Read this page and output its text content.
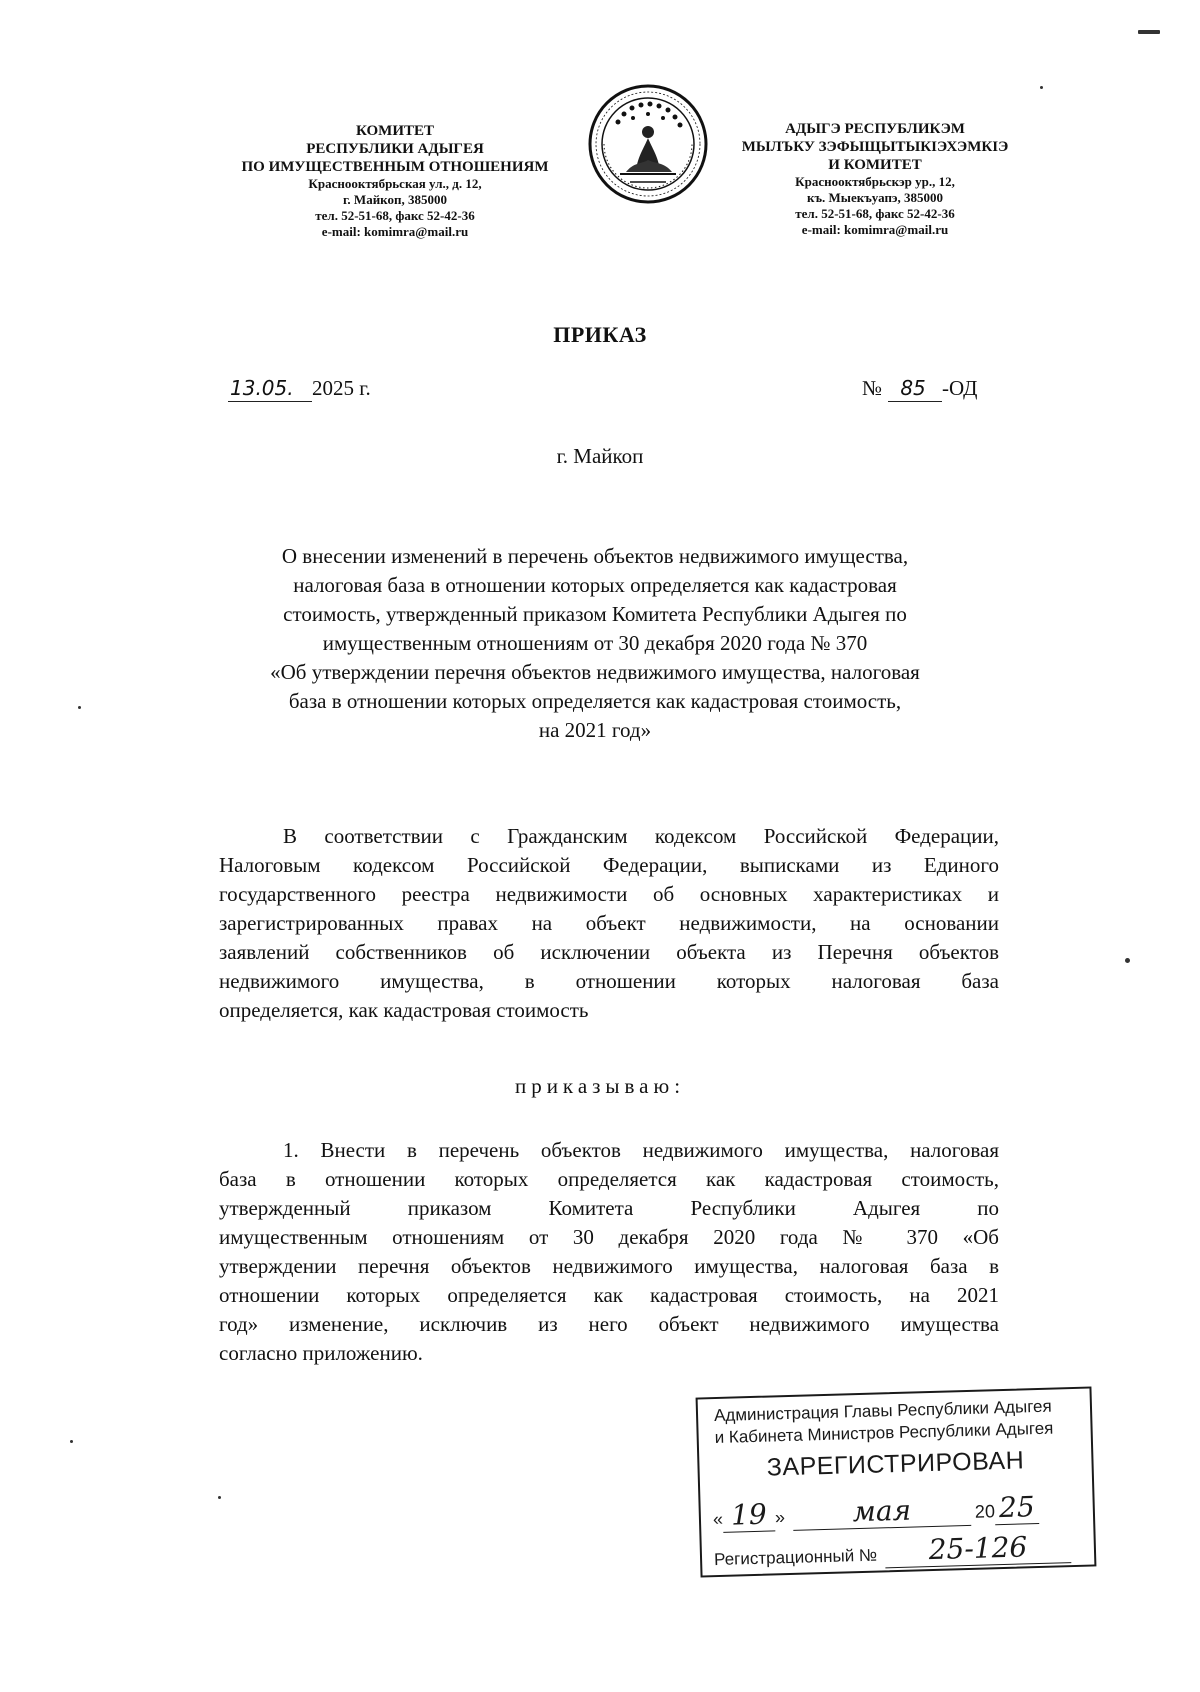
КОМИТЕТ
РЕСПУБЛИКИ АДЫГЕЯ
ПО ИМУЩЕСТВЕННЫМ ОТНОШЕНИЯМ
Краснооктябрьская ул., д. 12,
г. Майкоп, 385000
тел. 52-51-68, факс 52-42-36
e-mail: komimra@mail.ru
АДЫГЭ РЕСПУБЛИКЭМ
МЫЛЪКУ ЗЭФЫЩЫТЫКIЭХЭМКIЭ
И КОМИТЕТ
Краснооктябрьскэр ур., 12,
къ. Мыекъуапэ, 385000
тел. 52-51-68, факс 52-42-36
e-mail: komimra@mail.ru
ПРИКАЗ
13.05. 2025 г.	№ 85 -ОД
г. Майкоп
О внесении изменений в перечень объектов недвижимого имущества,
налоговая база в отношении которых определяется как кадастровая
стоимость, утвержденный приказом Комитета Республики Адыгея по
имущественным отношениям от 30 декабря 2020 года № 370
«Об утверждении перечня объектов недвижимого имущества, налоговая
база в отношении которых определяется как кадастровая стоимость,
на 2021 год»
В соответствии с Гражданским кодексом Российской Федерации,
Налоговым кодексом Российской Федерации, выписками из Единого
государственного реестра недвижимости об основных характеристиках и
зарегистрированных правах на объект недвижимости, на основании
заявлений собственников об исключении объекта из Перечня объектов
недвижимого имущества, в отношении которых налоговая база
определяется, как кадастровая стоимость
приказываю:
1. Внести в перечень объектов недвижимого имущества, налоговая
база в отношении которых определяется как кадастровая стоимость,
утвержденный приказом Комитета Республики Адыгея по
имущественным отношениям от 30 декабря 2020 года № 370 «Об
утверждении перечня объектов недвижимого имущества, налоговая база в
отношении которых определяется как кадастровая стоимость, на 2021
год» изменение, исключив из него объект недвижимого имущества
согласно приложению.
Администрация Главы Республики Адыгея
и Кабинета Министров Республики Адыгея
ЗАРЕГИСТРИРОВАН
« 19 »	мая	20 25
Регистрационный №	25-126
